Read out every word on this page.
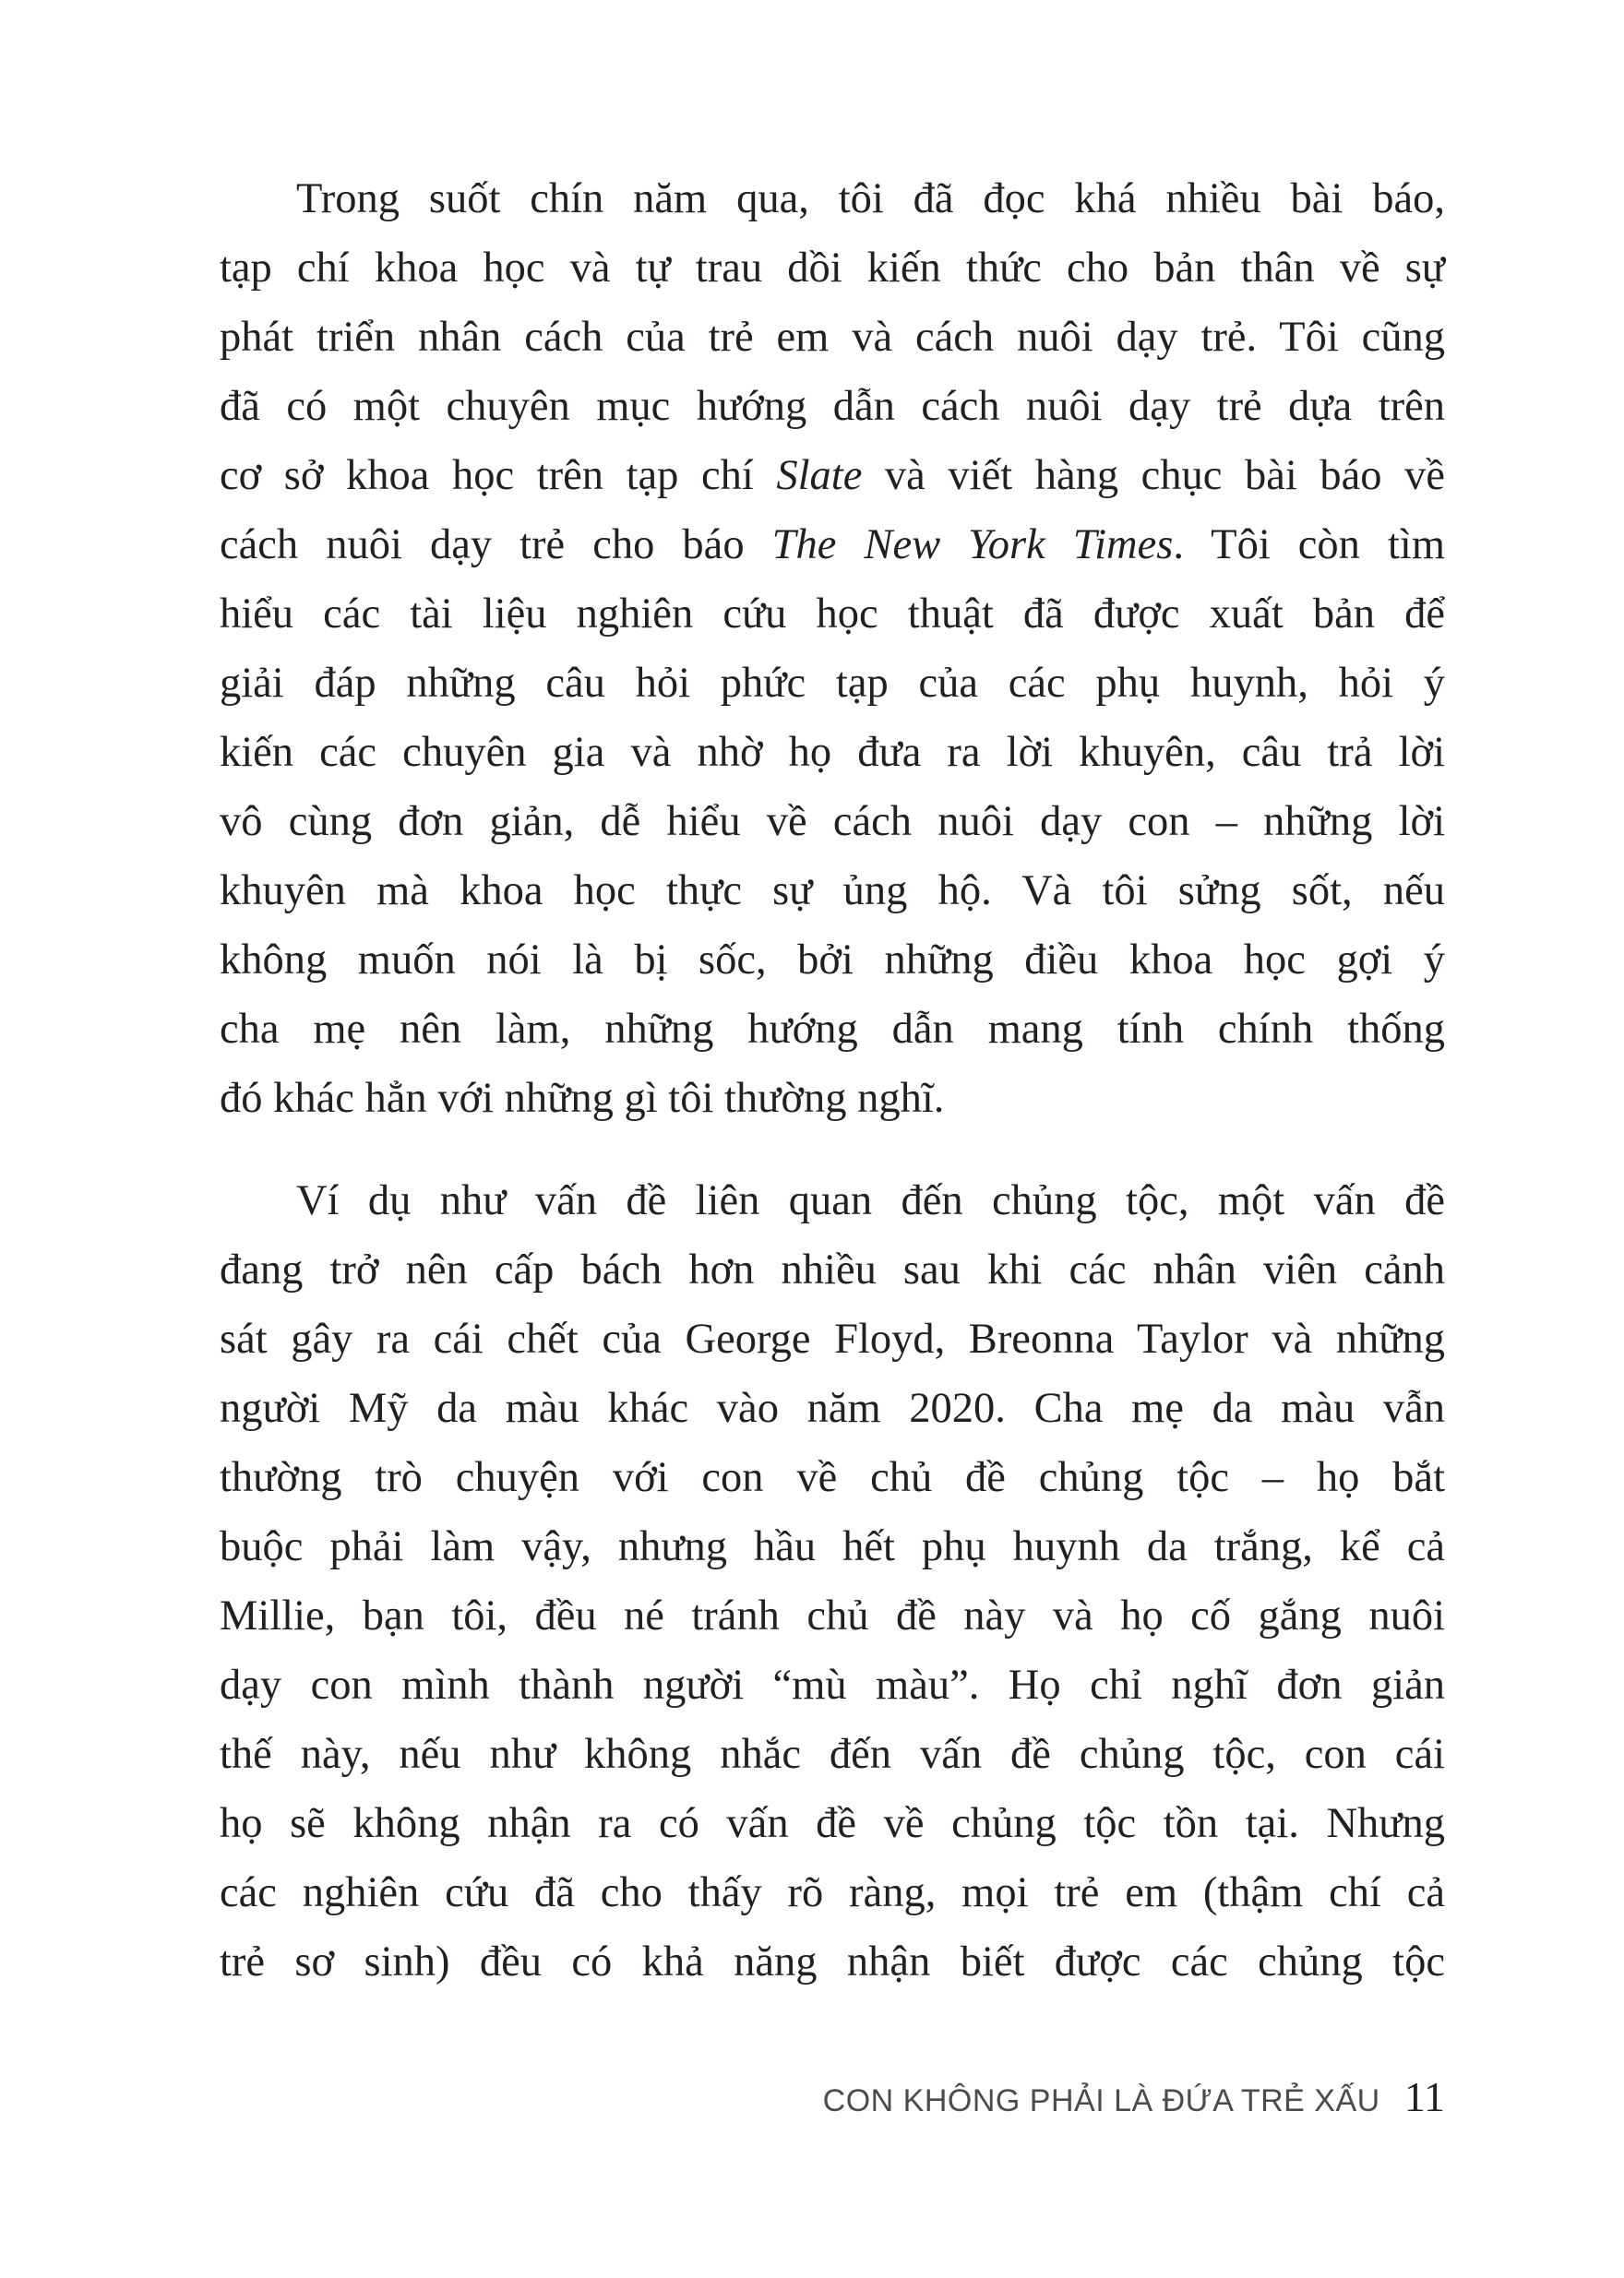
Trong suốt chín năm qua, tôi đã đọc khá nhiều bài báo,
tạp chí khoa học và tự trau dồi kiến thức cho bản thân về sự
phát triển nhân cách của trẻ em và cách nuôi dạy trẻ. Tôi cũng
đã có một chuyên mục hướng dẫn cách nuôi dạy trẻ dựa trên
cơ sở khoa học trên tạp chí Slate và viết hàng chục bài báo về
cách nuôi dạy trẻ cho báo The New York Times. Tôi còn tìm
hiểu các tài liệu nghiên cứu học thuật đã được xuất bản để
giải đáp những câu hỏi phức tạp của các phụ huynh, hỏi ý
kiến các chuyên gia và nhờ họ đưa ra lời khuyên, câu trả lời
vô cùng đơn giản, dễ hiểu về cách nuôi dạy con – những lời
khuyên mà khoa học thực sự ủng hộ. Và tôi sửng sốt, nếu
không muốn nói là bị sốc, bởi những điều khoa học gợi ý
cha mẹ nên làm, những hướng dẫn mang tính chính thống
đó khác hẳn với những gì tôi thường nghĩ.

Ví dụ như vấn đề liên quan đến chủng tộc, một vấn đề
đang trở nên cấp bách hơn nhiều sau khi các nhân viên cảnh
sát gây ra cái chết của George Floyd, Breonna Taylor và những
người Mỹ da màu khác vào năm 2020. Cha mẹ da màu vẫn
thường trò chuyện với con về chủ đề chủng tộc – họ bắt
buộc phải làm vậy, nhưng hầu hết phụ huynh da trắng, kể cả
Millie, bạn tôi, đều né tránh chủ đề này và họ cố gắng nuôi
dạy con mình thành người “mù màu”. Họ chỉ nghĩ đơn giản
thế này, nếu như không nhắc đến vấn đề chủng tộc, con cái
họ sẽ không nhận ra có vấn đề về chủng tộc tồn tại. Nhưng
các nghiên cứu đã cho thấy rõ ràng, mọi trẻ em (thậm chí cả
trẻ sơ sinh) đều có khả năng nhận biết được các chủng tộc

CON KHÔNG PHẢI LÀ ĐỨA TRẺ XẤU 11
